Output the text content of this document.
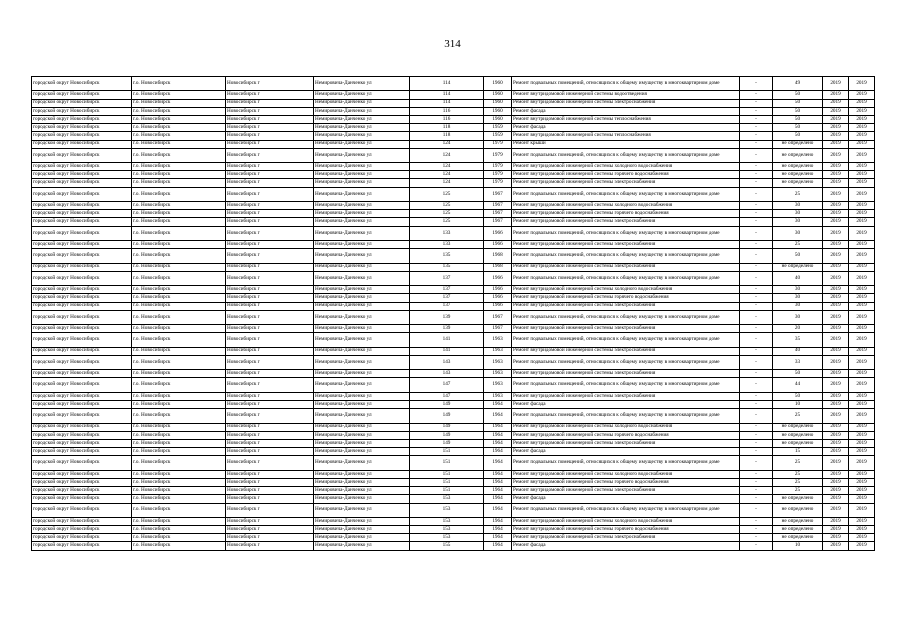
314
городской округ Новосибирск	г.о. Новосибирск	Новосибирск г	Немировича-Данченко ул	114	1960	Ремонт подвальных помещений, относящихся к общему имуществу в многоквартирном доме	-	49	2019	2019
городской округ Новосибирск	г.о. Новосибирск	Новосибирск г	Немировича-Данченко ул	114	1960	Ремонт внутридомовой инженерной системы водоотведения	-	50	2019	2019
городской округ Новосибирск	г.о. Новосибирск	Новосибирск г	Немировича-Данченко ул	114	1960	Ремонт внутридомовой инженерной системы электроснабжения	-	50	2019	2019
городской округ Новосибирск	г.о. Новосибирск	Новосибирск г	Немировича-Данченко ул	116	1960	Ремонт фасада	-	50	2019	2019
городской округ Новосибирск	г.о. Новосибирск	Новосибирск г	Немировича-Данченко ул	116	1960	Ремонт внутридомовой инженерной системы теплоснабжения	-	50	2019	2019
городской округ Новосибирск	г.о. Новосибирск	Новосибирск г	Немировича-Данченко ул	118	1959	Ремонт фасада	-	50	2019	2019
городской округ Новосибирск	г.о. Новосибирск	Новосибирск г	Немировича-Данченко ул	118	1959	Ремонт внутридомовой инженерной системы теплоснабжения	-	50	2019	2019
городской округ Новосибирск	г.о. Новосибирск	Новосибирск г	Немировича-Данченко ул	124	1979	Ремонт крыши	-	не определено	2019	2019
городской округ Новосибирск	г.о. Новосибирск	Новосибирск г	Немировича-Данченко ул	124	1979	Ремонт подвальных помещений, относящихся к общему имуществу в многоквартирном доме	-	не определено	2019	2019
городской округ Новосибирск	г.о. Новосибирск	Новосибирск г	Немировича-Данченко ул	124	1979	Ремонт внутридомовой инженерной системы холодного водоснабжения	-	не определено	2019	2019
городской округ Новосибирск	г.о. Новосибирск	Новосибирск г	Немировича-Данченко ул	124	1979	Ремонт внутридомовой инженерной системы горячего водоснабжения	-	не определено	2019	2019
городской округ Новосибирск	г.о. Новосибирск	Новосибирск г	Немировича-Данченко ул	124	1979	Ремонт внутридомовой инженерной системы электроснабжения	-	не определено	2019	2019
городской округ Новосибирск	г.о. Новосибирск	Новосибирск г	Немировича-Данченко ул	125	1967	Ремонт подвальных помещений, относящихся к общему имуществу в многоквартирном доме	-	25	2019	2019
городской округ Новосибирск	г.о. Новосибирск	Новосибирск г	Немировича-Данченко ул	125	1967	Ремонт внутридомовой инженерной системы холодного водоснабжения	-	30	2019	2019
городской округ Новосибирск	г.о. Новосибирск	Новосибирск г	Немировича-Данченко ул	125	1967	Ремонт внутридомовой инженерной системы горячего водоснабжения	-	30	2019	2019
городской округ Новосибирск	г.о. Новосибирск	Новосибирск г	Немировича-Данченко ул	125	1967	Ремонт внутридомовой инженерной системы электроснабжения	-	30	2019	2019
городской округ Новосибирск	г.о. Новосибирск	Новосибирск г	Немировича-Данченко ул	133	1966	Ремонт подвальных помещений, относящихся к общему имуществу в многоквартирном доме	-	30	2019	2019
городской округ Новосибирск	г.о. Новосибирск	Новосибирск г	Немировича-Данченко ул	133	1966	Ремонт внутридомовой инженерной системы электроснабжения	-	25	2019	2019
городской округ Новосибирск	г.о. Новосибирск	Новосибирск г	Немировича-Данченко ул	135	1968	Ремонт подвальных помещений, относящихся к общему имуществу в многоквартирном доме	-	50	2019	2019
городской округ Новосибирск	г.о. Новосибирск	Новосибирск г	Немировича-Данченко ул	135	1968	Ремонт внутридомовой инженерной системы электроснабжения	-	не определено	2019	2019
городской округ Новосибирск	г.о. Новосибирск	Новосибирск г	Немировича-Данченко ул	137	1966	Ремонт подвальных помещений, относящихся к общему имуществу в многоквартирном доме	-	40	2019	2019
городской округ Новосибирск	г.о. Новосибирск	Новосибирск г	Немировича-Данченко ул	137	1966	Ремонт внутридомовой инженерной системы холодного водоснабжения	-	30	2019	2019
городской округ Новосибирск	г.о. Новосибирск	Новосибирск г	Немировича-Данченко ул	137	1966	Ремонт внутридомовой инженерной системы горячего водоснабжения	-	30	2019	2019
городской округ Новосибирск	г.о. Новосибирск	Новосибирск г	Немировича-Данченко ул	137	1966	Ремонт внутридомовой инженерной системы электроснабжения	-	30	2019	2019
городской округ Новосибирск	г.о. Новосибирск	Новосибирск г	Немировича-Данченко ул	139	1967	Ремонт подвальных помещений, относящихся к общему имуществу в многоквартирном доме	-	30	2019	2019
городской округ Новосибирск	г.о. Новосибирск	Новосибирск г	Немировича-Данченко ул	139	1967	Ремонт внутридомовой инженерной системы электроснабжения	-	20	2019	2019
городской округ Новосибирск	г.о. Новосибирск	Новосибирск г	Немировича-Данченко ул	141	1963	Ремонт подвальных помещений, относящихся к общему имуществу в многоквартирном доме	-	35	2019	2019
городской округ Новосибирск	г.о. Новосибирск	Новосибирск г	Немировича-Данченко ул	141	1963	Ремонт внутридомовой инженерной системы электроснабжения	-	40	2019	2019
городской округ Новосибирск	г.о. Новосибирск	Новосибирск г	Немировича-Данченко ул	143	1963	Ремонт подвальных помещений, относящихся к общему имуществу в многоквартирном доме	-	33	2019	2019
городской округ Новосибирск	г.о. Новосибирск	Новосибирск г	Немировича-Данченко ул	143	1963	Ремонт внутридомовой инженерной системы электроснабжения	-	50	2019	2019
городской округ Новосибирск	г.о. Новосибирск	Новосибирск г	Немировича-Данченко ул	147	1963	Ремонт подвальных помещений, относящихся к общему имуществу в многоквартирном доме	-	44	2019	2019
городской округ Новосибирск	г.о. Новосибирск	Новосибирск г	Немировича-Данченко ул	147	1963	Ремонт внутридомовой инженерной системы электроснабжения	-	50	2019	2019
городской округ Новосибирск	г.о. Новосибирск	Новосибирск г	Немировича-Данченко ул	149	1964	Ремонт фасада	-	10	2019	2019
городской округ Новосибирск	г.о. Новосибирск	Новосибирск г	Немировича-Данченко ул	149	1964	Ремонт подвальных помещений, относящихся к общему имуществу в многоквартирном доме	-	25	2019	2019
городской округ Новосибирск	г.о. Новосибирск	Новосибирск г	Немировича-Данченко ул	149	1964	Ремонт внутридомовой инженерной системы холодного водоснабжения	-	не определено	2019	2019
городской округ Новосибирск	г.о. Новосибирск	Новосибирск г	Немировича-Данченко ул	149	1964	Ремонт внутридомовой инженерной системы горячего водоснабжения	-	не определено	2019	2019
городской округ Новосибирск	г.о. Новосибирск	Новосибирск г	Немировича-Данченко ул	149	1964	Ремонт внутридомовой инженерной системы электроснабжения	-	не определено	2019	2019
городской округ Новосибирск	г.о. Новосибирск	Новосибирск г	Немировича-Данченко ул	151	1964	Ремонт фасада	-	15	2019	2019
городской округ Новосибирск	г.о. Новосибирск	Новосибирск г	Немировича-Данченко ул	151	1964	Ремонт подвальных помещений, относящихся к общему имуществу в многоквартирном доме	-	25	2019	2019
городской округ Новосибирск	г.о. Новосибирск	Новосибирск г	Немировича-Данченко ул	151	1964	Ремонт внутридомовой инженерной системы холодного водоснабжения	-	25	2019	2019
городской округ Новосибирск	г.о. Новосибирск	Новосибирск г	Немировича-Данченко ул	151	1964	Ремонт внутридомовой инженерной системы горячего водоснабжения	-	25	2019	2019
городской округ Новосибирск	г.о. Новосибирск	Новосибирск г	Немировича-Данченко ул	151	1964	Ремонт внутридомовой инженерной системы электроснабжения	-	25	2019	2019
городской округ Новосибирск	г.о. Новосибирск	Новосибирск г	Немировича-Данченко ул	153	1964	Ремонт фасада	-	не определено	2019	2019
городской округ Новосибирск	г.о. Новосибирск	Новосибирск г	Немировича-Данченко ул	153	1964	Ремонт подвальных помещений, относящихся к общему имуществу в многоквартирном доме	-	не определено	2019	2019
городской округ Новосибирск	г.о. Новосибирск	Новосибирск г	Немировича-Данченко ул	153	1964	Ремонт внутридомовой инженерной системы холодного водоснабжения	-	не определено	2019	2019
городской округ Новосибирск	г.о. Новосибирск	Новосибирск г	Немировича-Данченко ул	153	1964	Ремонт внутридомовой инженерной системы горячего водоснабжения	-	не определено	2019	2019
городской округ Новосибирск	г.о. Новосибирск	Новосибирск г	Немировича-Данченко ул	153	1964	Ремонт внутридомовой инженерной системы электроснабжения	-	не определено	2019	2019
городской округ Новосибирск	г.о. Новосибирск	Новосибирск г	Немировича-Данченко ул	155	1964	Ремонт фасада	-	10	2019	2019
